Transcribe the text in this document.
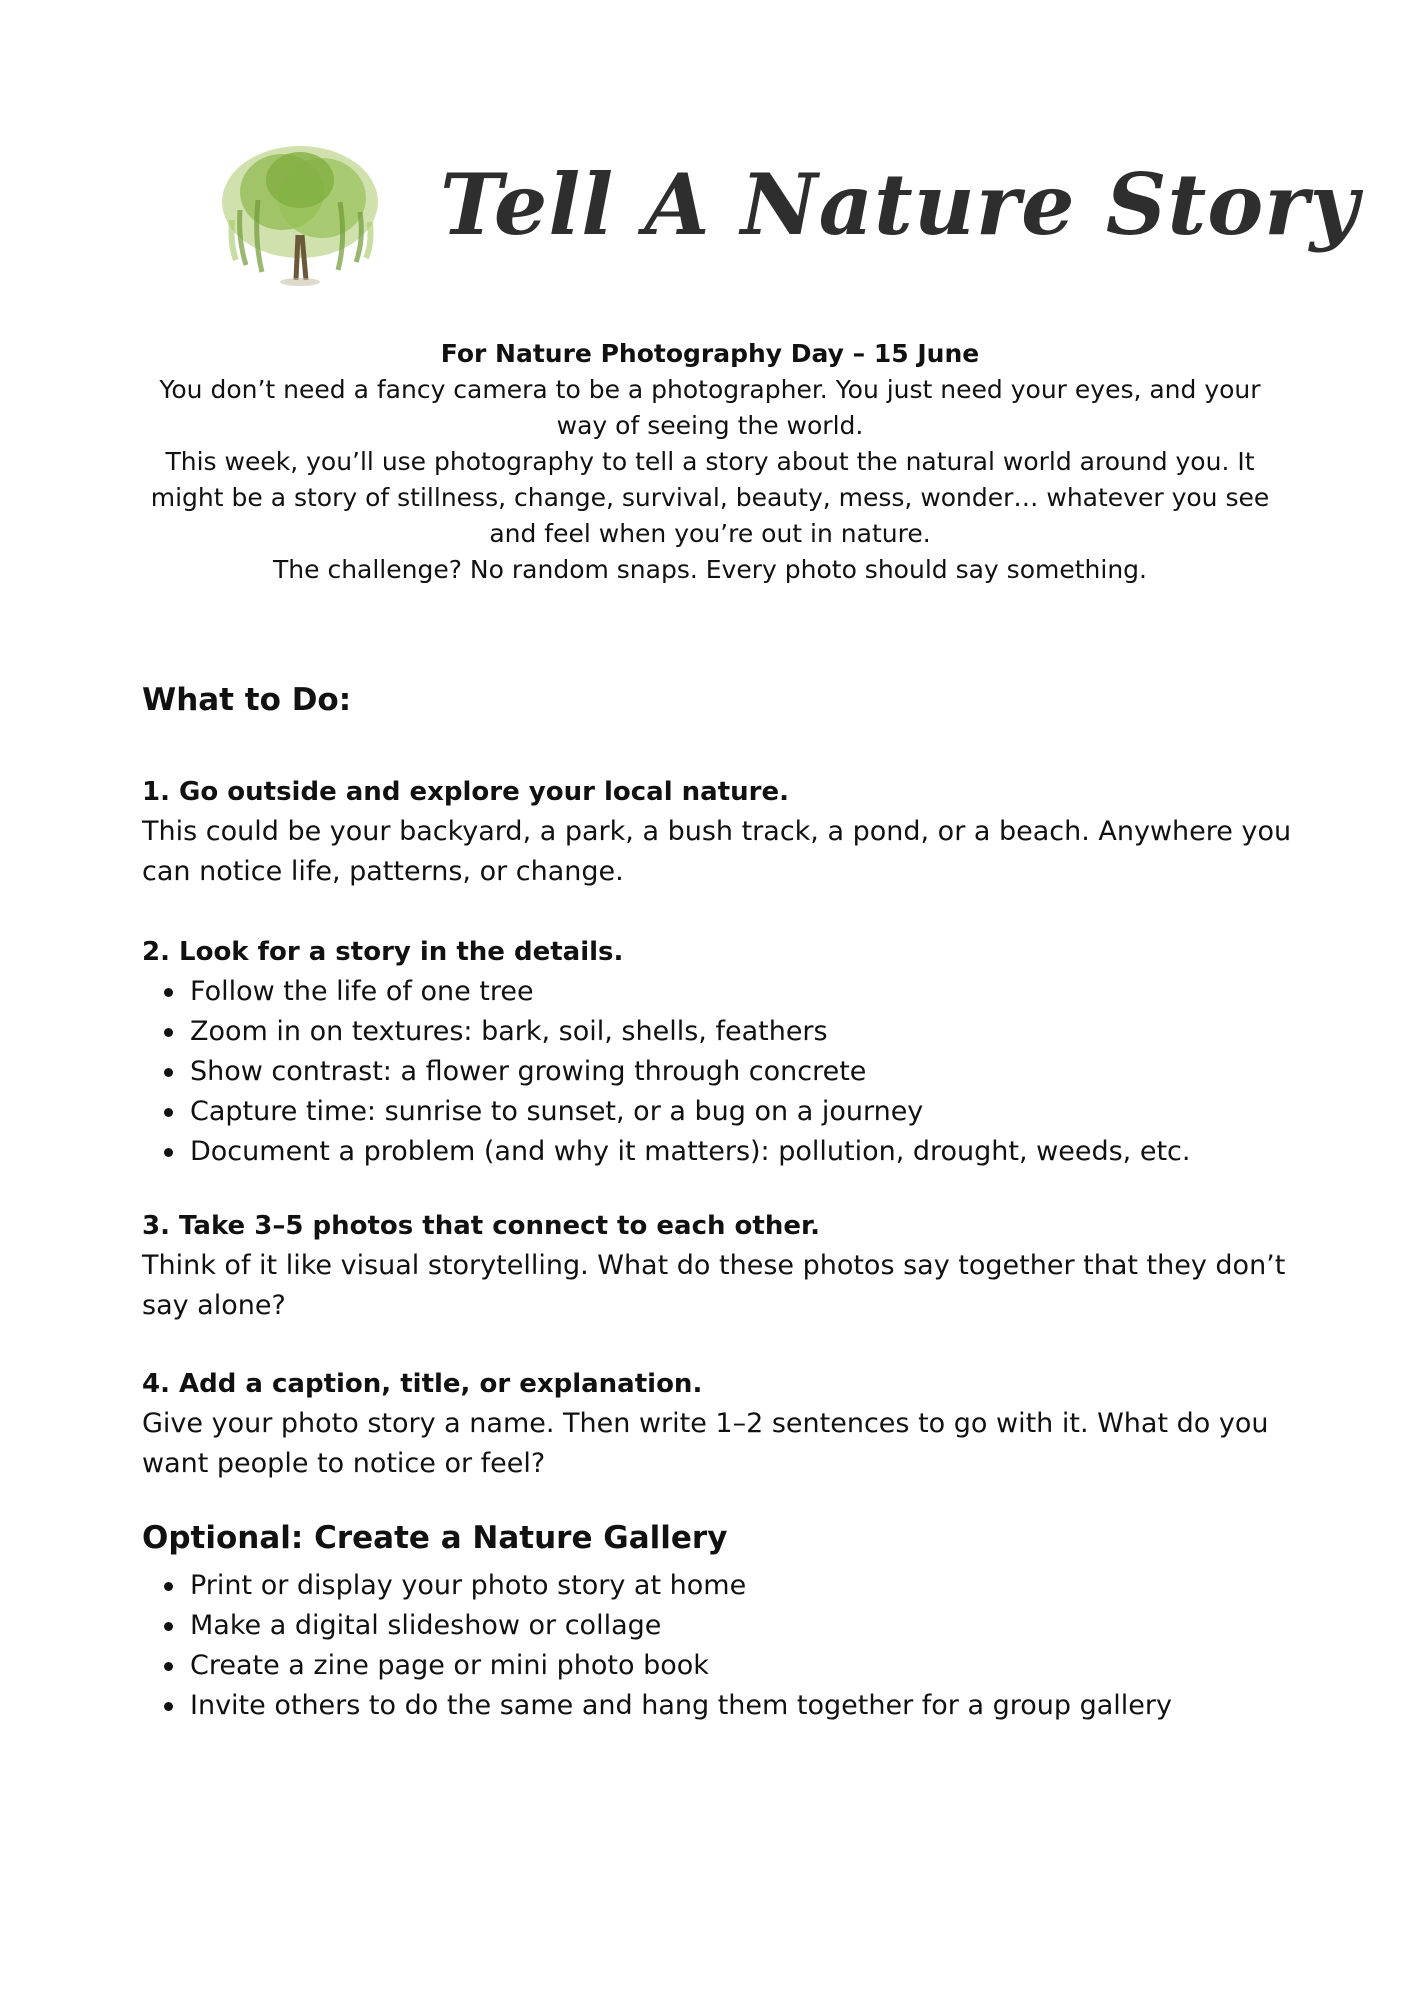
Tell A Nature Story

For Nature Photography Day – 15 June

You don’t need a fancy camera to be a photographer. You just need your eyes, and your way of seeing the world.

This week, you’ll use photography to tell a story about the natural world around you. It might be a story of stillness, change, survival, beauty, mess, wonder… whatever you see and feel when you’re out in nature.

The challenge? No random snaps. Every photo should say something.

What to Do:

1. Go outside and explore your local nature.

This could be your backyard, a park, a bush track, a pond, or a beach. Anywhere you can notice life, patterns, or change.

2. Look for a story in the details.

Follow the life of one tree
Zoom in on textures: bark, soil, shells, feathers
Show contrast: a flower growing through concrete
Capture time: sunrise to sunset, or a bug on a journey
Document a problem (and why it matters): pollution, drought, weeds, etc.

3. Take 3–5 photos that connect to each other.

Think of it like visual storytelling. What do these photos say together that they don’t say alone?

4. Add a caption, title, or explanation.

Give your photo story a name. Then write 1–2 sentences to go with it. What do you want people to notice or feel?

Optional: Create a Nature Gallery
Print or display your photo story at home
Make a digital slideshow or collage
Create a zine page or mini photo book
Invite others to do the same and hang them together for a group gallery
